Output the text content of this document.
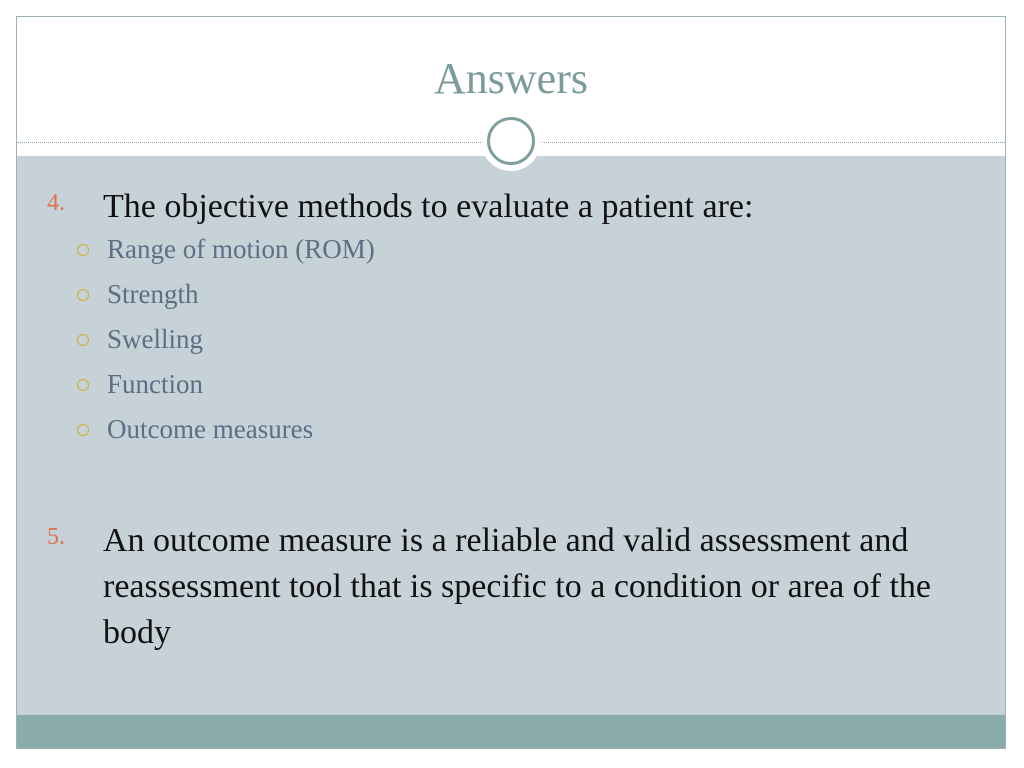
Answers
4. The objective methods to evaluate a patient are:
Range of motion (ROM)
Strength
Swelling
Function
Outcome measures
5. An outcome measure is a reliable and valid assessment and reassessment tool that is specific to a condition or area of the body
